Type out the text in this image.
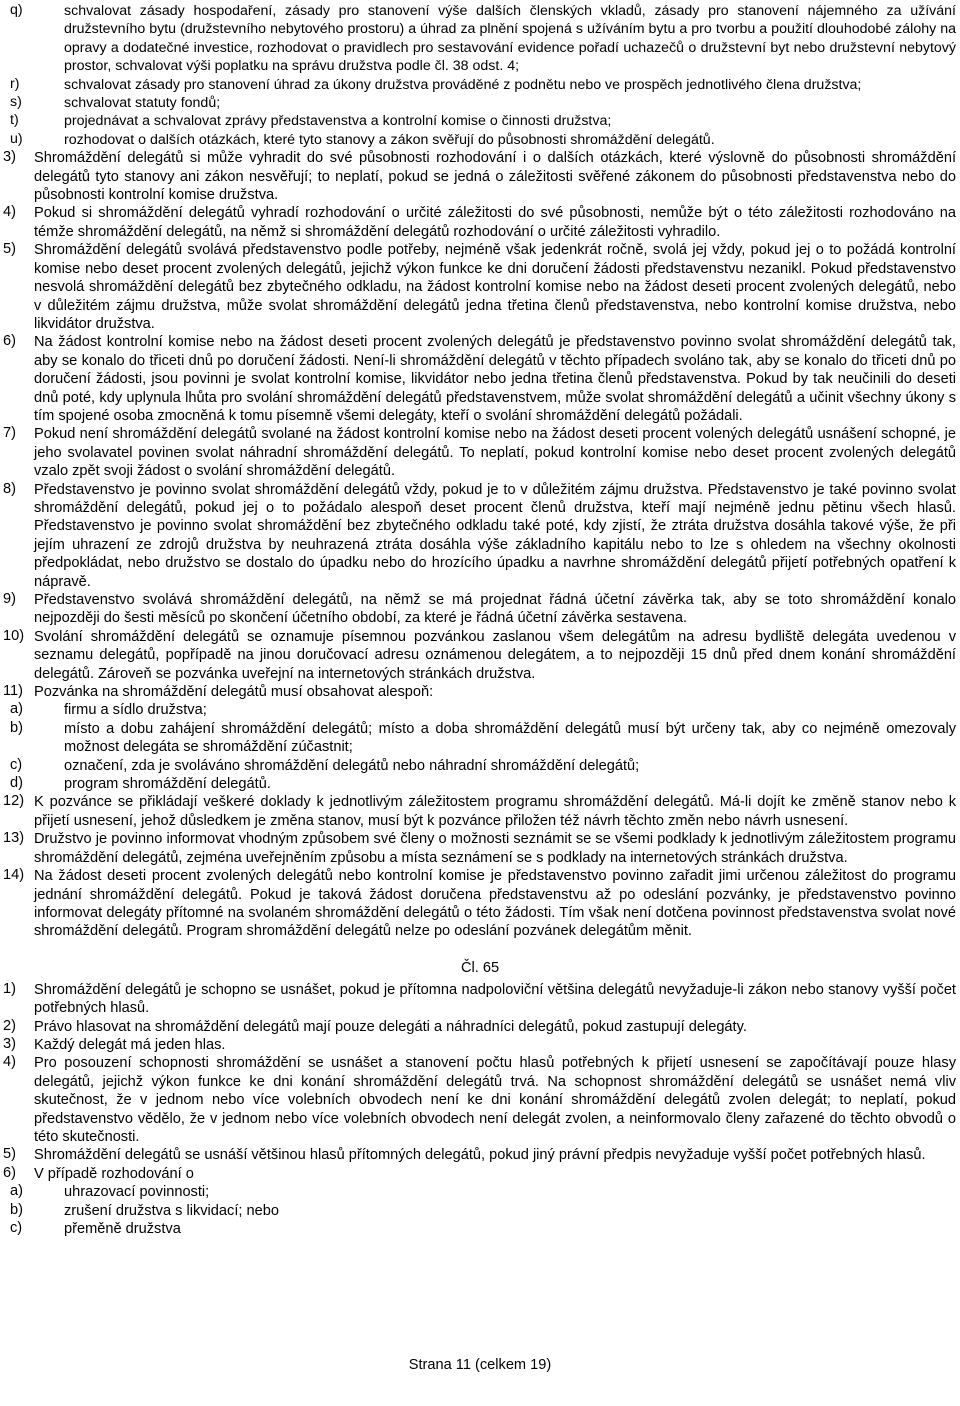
q)	schvalovat zásady hospodaření, zásady pro stanovení výše dalších členských vkladů, zásady pro stanovení nájemného za užívání družstevního bytu (družstevního nebytového prostoru) a úhrad za plnění spojená s užíváním bytu a pro tvorbu a použití dlouhodobé zálohy na opravy a dodatečné investice, rozhodovat o pravidlech pro sestavování evidence pořadí uchazečů o družstevní byt nebo družstevní nebytový prostor, schvalovat výši poplatku na správu družstva podle čl. 38 odst. 4;
r)	schvalovat zásady pro stanovení úhrad za úkony družstva prováděné z podnětu nebo ve prospěch jednotlivého člena družstva;
s)	schvalovat statuty fondů;
t)	projednávat a schvalovat zprávy představenstva a kontrolní komise o činnosti družstva;
u)	rozhodovat o dalších otázkách, které tyto stanovy a zákon svěřují do působnosti shromáždění delegátů.
3) Shromáždění delegátů si může vyhradit do své působnosti rozhodování i o dalších otázkách, které výslovně do působnosti shromáždění delegátů tyto stanovy ani zákon nesvěřují; to neplatí, pokud se jedná o záležitosti svěřené zákonem do působnosti představenstva nebo do působnosti kontrolní komise družstva.
4) Pokud si shromáždění delegátů vyhradí rozhodování o určité záležitosti do své působnosti, nemůže být o této záležitosti rozhodováno na témže shromáždění delegátů, na němž si shromáždění delegátů rozhodování o určité záležitosti vyhradilo.
5) Shromáždění delegátů svolává představenstvo podle potřeby, nejméně však jedenkrát ročně, svolá jej vždy, pokud jej o to požádá kontrolní komise nebo deset procent zvolených delegátů, jejichž výkon funkce ke dni doručení žádosti představenstvu nezanikl. Pokud představenstvo nesvolá shromáždění delegátů bez zbytečného odkladu, na žádost kontrolní komise nebo na žádost deseti procent zvolených delegátů, nebo v důležitém zájmu družstva, může svolat shromáždění delegátů jedna třetina členů představenstva, nebo kontrolní komise družstva, nebo likvidátor družstva.
6) Na žádost kontrolní komise nebo na žádost deseti procent zvolených delegátů je představenstvo povinno svolat shromáždění delegátů tak, aby se konalo do třiceti dnů po doručení žádosti. Není-li shromáždění delegátů v těchto případech svoláno tak, aby se konalo do třiceti dnů po doručení žádosti, jsou povinni je svolat kontrolní komise, likvidátor nebo jedna třetina členů představenstva. Pokud by tak neučinili do deseti dnů poté, kdy uplynula lhůta pro svolání shromáždění delegátů představenstvem, může svolat shromáždění delegátů a učinit všechny úkony s tím spojené osoba zmocněná k tomu písemně všemi delegáty, kteří o svolání shromáždění delegátů požádali.
7) Pokud není shromáždění delegátů svolané na žádost kontrolní komise nebo na žádost deseti procent volených delegátů usnášení schopné, je jeho svolavatel povinen svolat náhradní shromáždění delegátů. To neplatí, pokud kontrolní komise nebo deset procent zvolených delegátů vzalo zpět svoji žádost o svolání shromáždění delegátů.
8) Představenstvo je povinno svolat shromáždění delegátů vždy, pokud je to v důležitém zájmu družstva. Představenstvo je také povinno svolat shromáždění delegátů, pokud jej o to požádalo alespoň deset procent členů družstva, kteří mají nejméně jednu pětinu všech hlasů. Představenstvo je povinno svolat shromáždění bez zbytečného odkladu také poté, kdy zjistí, že ztráta družstva dosáhla takové výše, že při jejím uhrazení ze zdrojů družstva by neuhrazená ztráta dosáhla výše základního kapitálu nebo to lze s ohledem na všechny okolnosti předpokládat, nebo družstvo se dostalo do úpadku nebo do hrozícího úpadku a navrhne shromáždění delegátů přijetí potřebných opatření k nápravě.
9) Představenstvo svolává shromáždění delegátů, na němž se má projednat řádná účetní závěrka tak, aby se toto shromáždění konalo nejpozději do šesti měsíců po skončení účetního období, za které je řádná účetní závěrka sestavena.
10) Svolání shromáždění delegátů se oznamuje písemnou pozvánkou zaslanou všem delegátům na adresu bydliště delegáta uvedenou v seznamu delegátů, popřípadě na jinou doručovací adresu oznámenou delegátem, a to nejpozději 15 dnů před dnem konání shromáždění delegátů. Zároveň se pozvánka uveřejní na internetových stránkách družstva.
11) Pozvánka na shromáždění delegátů musí obsahovat alespoň:
a)	firmu a sídlo družstva;
b)	místo a dobu zahájení shromáždění delegátů; místo a doba shromáždění delegátů musí být určeny tak, aby co nejméně omezovaly možnost delegáta se shromáždění zúčastnit;
c)	označení, zda je svoláváno shromáždění delegátů nebo náhradní shromáždění delegátů;
d)	program shromáždění delegátů.
12) K pozvánce se přikládají veškeré doklady k jednotlivým záležitostem programu shromáždění delegátů. Má-li dojít ke změně stanov nebo k přijetí usnesení, jehož důsledkem je změna stanov, musí být k pozvánce přiložen též návrh těchto změn nebo návrh usnesení.
13) Družstvo je povinno informovat vhodným způsobem své členy o možnosti seznámit se se všemi podklady k jednotlivým záležitostem programu shromáždění delegátů, zejména uveřejněním způsobu a místa seznámení se s podklady na internetových stránkách družstva.
14) Na žádost deseti procent zvolených delegátů nebo kontrolní komise je představenstvo povinno zařadit jimi určenou záležitost do programu jednání shromáždění delegátů. Pokud je taková žádost doručena představenstvu až po odeslání pozvánky, je představenstvo povinno informovat delegáty přítomné na svolaném shromáždění delegátů o této žádosti. Tím však není dotčena povinnost představenstva svolat nové shromáždění delegátů. Program shromáždění delegátů nelze po odeslání pozvánek delegátům měnit.
Čl. 65
1) Shromáždění delegátů je schopno se usnášet, pokud je přítomna nadpoloviční většina delegátů nevyžaduje-li zákon nebo stanovy vyšší počet potřebných hlasů.
2) Právo hlasovat na shromáždění delegátů mají pouze delegáti a náhradníci delegátů, pokud zastupují delegáty.
3) Každý delegát má jeden hlas.
4) Pro posouzení schopnosti shromáždění se usnášet a stanovení počtu hlasů potřebných k přijetí usnesení se započítávají pouze hlasy delegátů, jejichž výkon funkce ke dni konání shromáždění delegátů trvá. Na schopnost shromáždění delegátů se usnášet nemá vliv skutečnost, že v jednom nebo více volebních obvodech není ke dni konání shromáždění delegátů zvolen delegát; to neplatí, pokud představenstvo vědělo, že v jednom nebo více volebních obvodech není delegát zvolen, a neinformovalo členy zařazené do těchto obvodů o této skutečnosti.
5) Shromáždění delegátů se usnáší většinou hlasů přítomných delegátů, pokud jiný právní předpis nevyžaduje vyšší počet potřebných hlasů.
6) V případě rozhodování o
a)	uhrazovací povinnosti;
b)	zrušení družstva s likvidací; nebo
c)	přeměně družstva
Strana 11 (celkem 19)
